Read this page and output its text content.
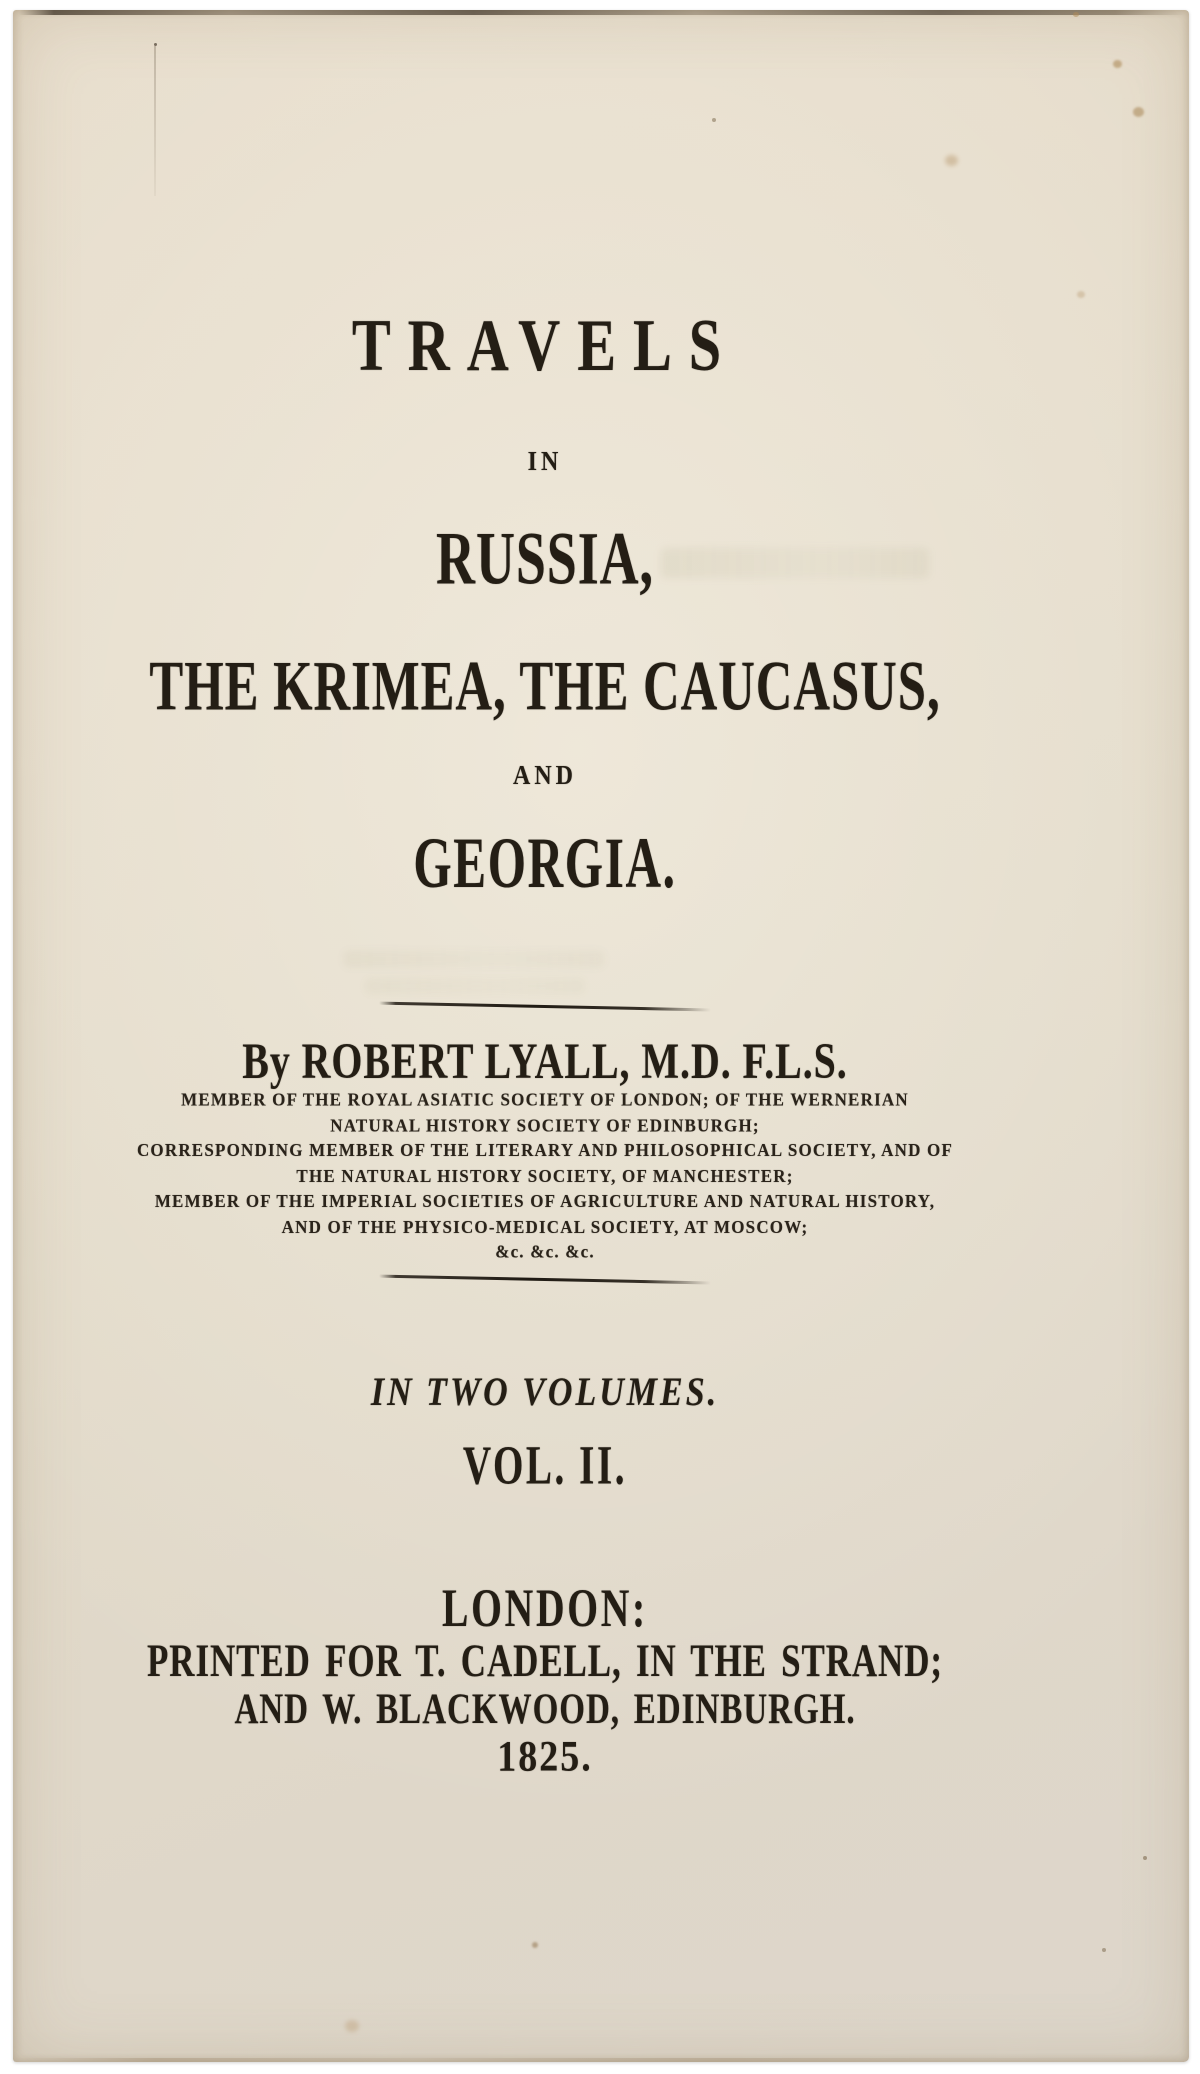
TRAVELS
IN
RUSSIA,
THE KRIMEA, THE CAUCASUS,
AND
GEORGIA.
By ROBERT LYALL, M.D. F.L.S.
MEMBER OF THE ROYAL ASIATIC SOCIETY OF LONDON; OF THE WERNERIAN
NATURAL HISTORY SOCIETY OF EDINBURGH;
CORRESPONDING MEMBER OF THE LITERARY AND PHILOSOPHICAL SOCIETY, AND OF
THE NATURAL HISTORY SOCIETY, OF MANCHESTER;
MEMBER OF THE IMPERIAL SOCIETIES OF AGRICULTURE AND NATURAL HISTORY,
AND OF THE PHYSICO-MEDICAL SOCIETY, AT MOSCOW;
&c. &c. &c.
IN TWO VOLUMES.
VOL. II.
LONDON:
PRINTED FOR T. CADELL, IN THE STRAND;
AND W. BLACKWOOD, EDINBURGH.
1825.
